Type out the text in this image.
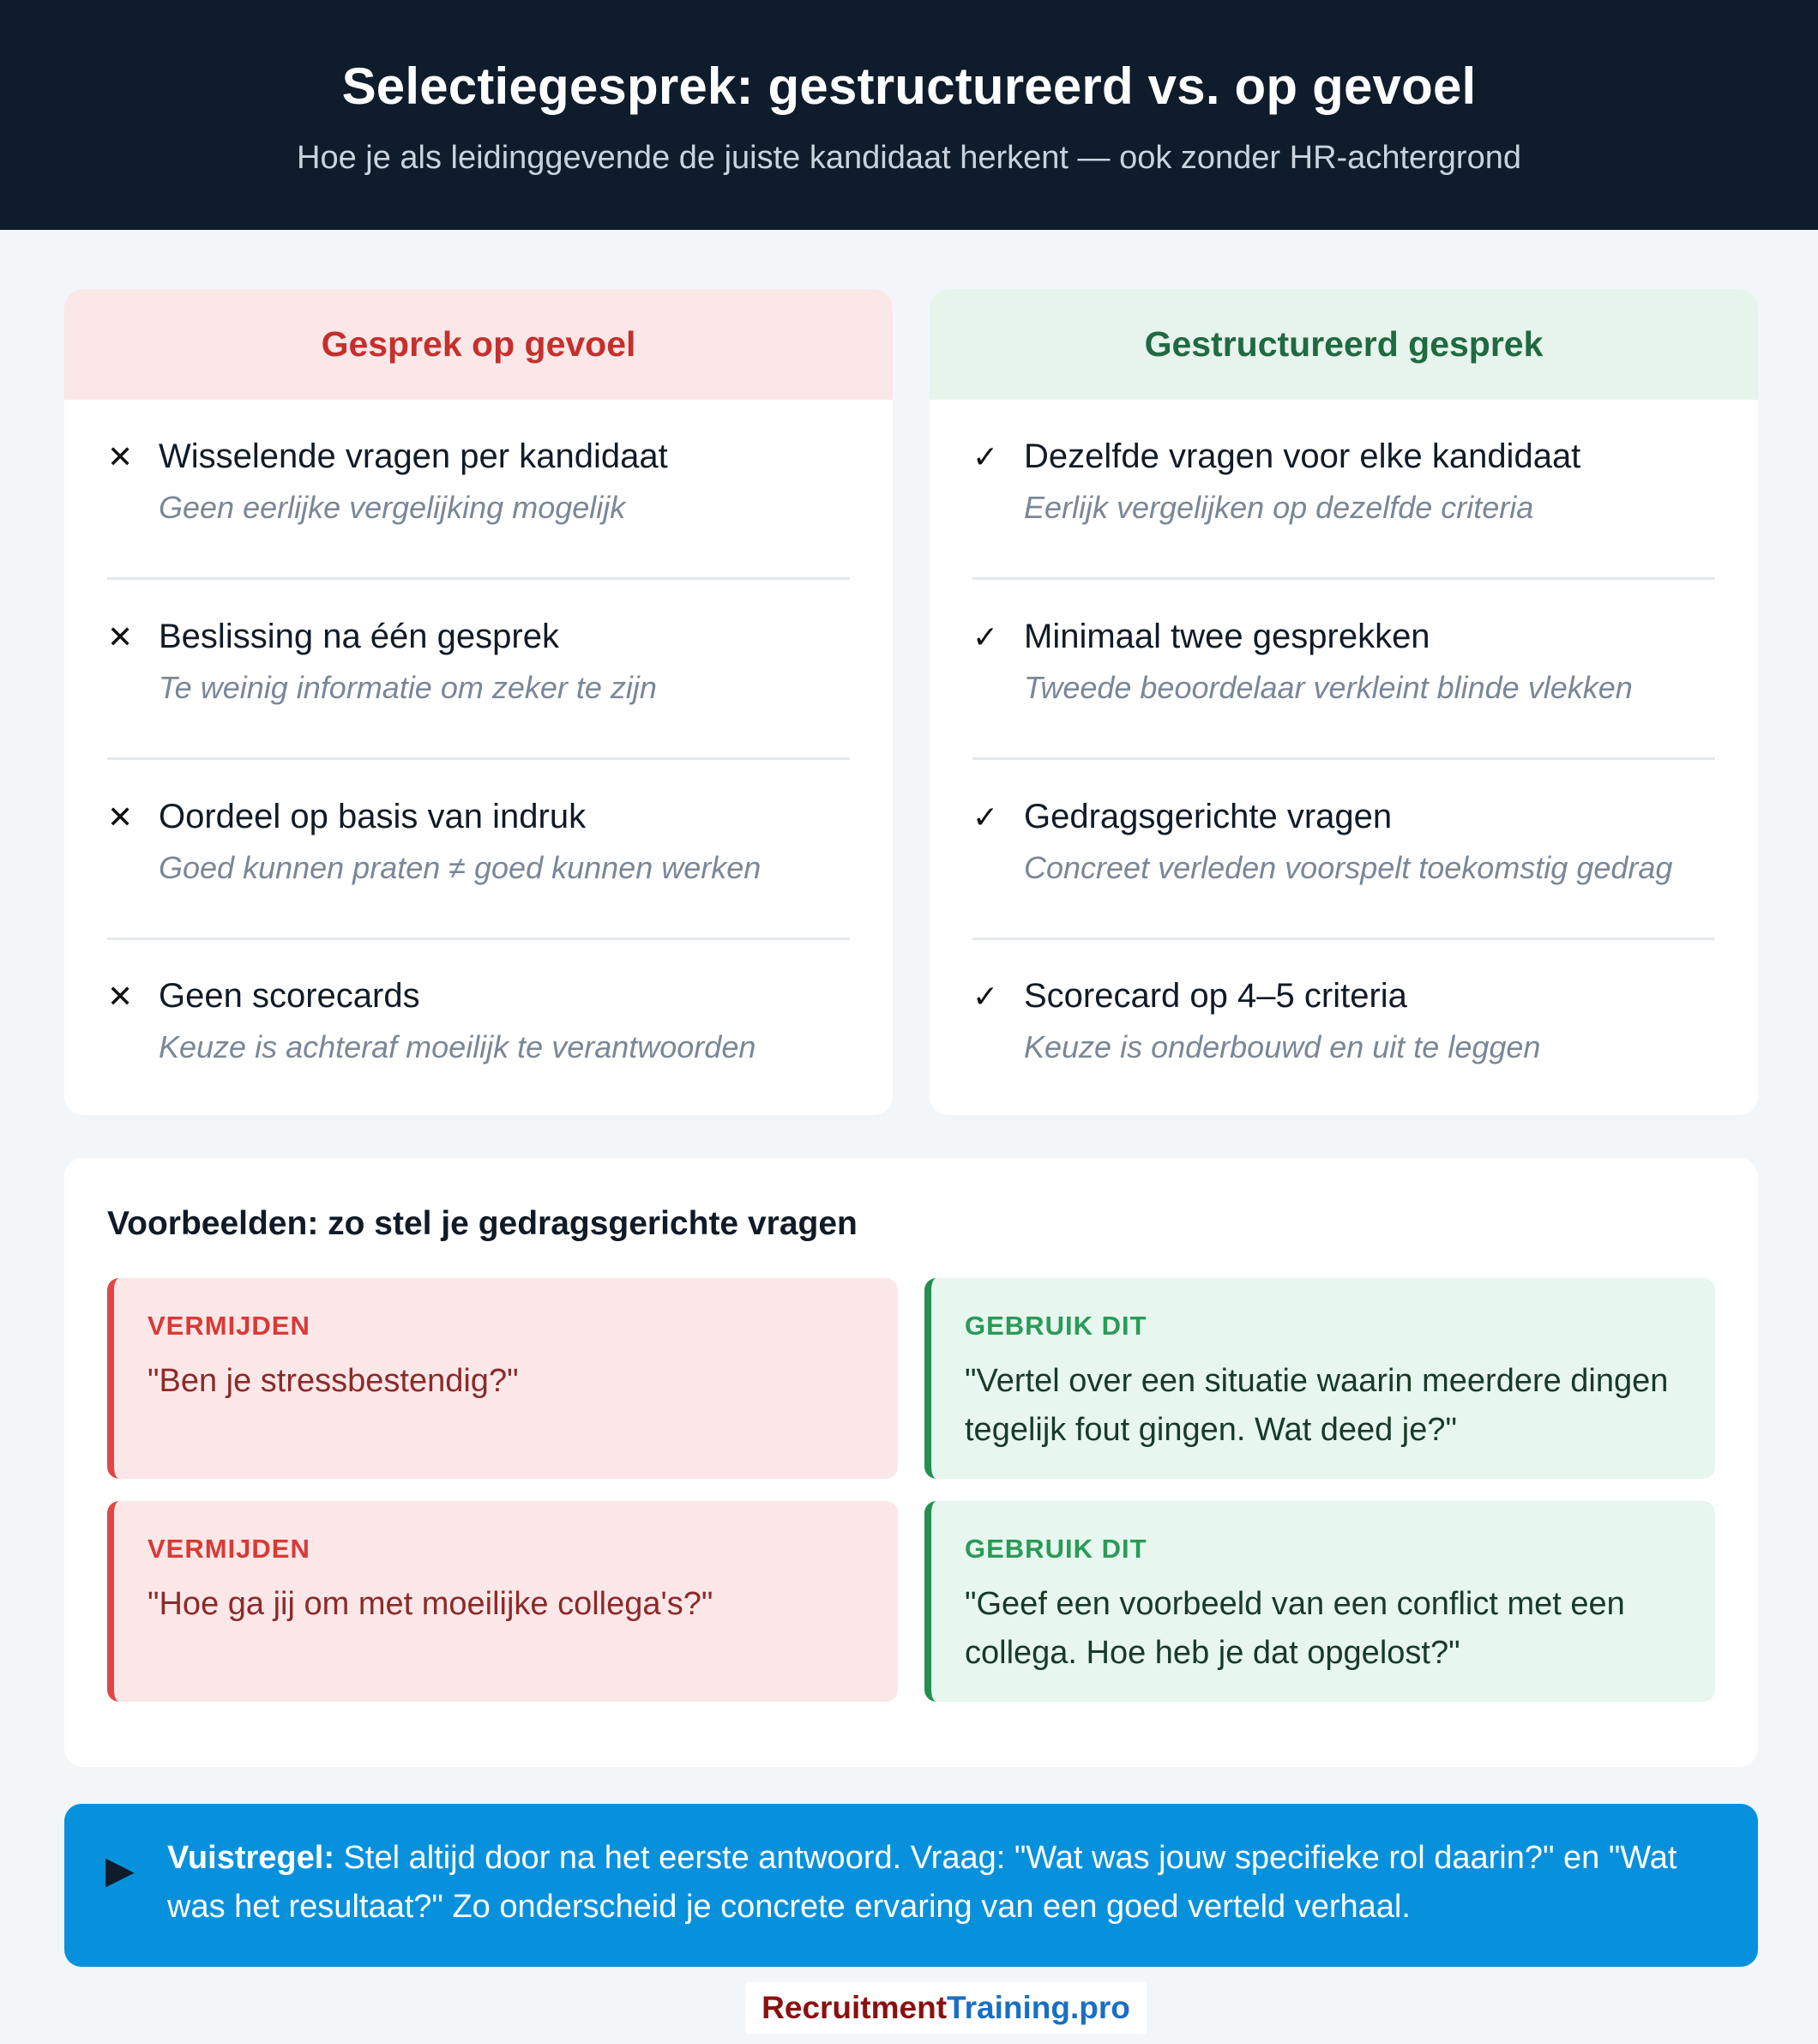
Selectiegesprek: gestructureerd vs. op gevoel

Hoe je als leidinggevende de juiste kandidaat herkent — ook zonder HR-achtergrond

Gesprek op gevoel
✕ Wisselende vragen per kandidaat
Geen eerlijke vergelijking mogelijk
✕ Beslissing na één gesprek
Te weinig informatie om zeker te zijn
✕ Oordeel op basis van indruk
Goed kunnen praten ≠ goed kunnen werken
✕ Geen scorecards
Keuze is achteraf moeilijk te verantwoorden
Gestructureerd gesprek
✓ Dezelfde vragen voor elke kandidaat
Eerlijk vergelijken op dezelfde criteria
✓ Minimaal twee gesprekken
Tweede beoordelaar verkleint blinde vlekken
✓ Gedragsgerichte vragen
Concreet verleden voorspelt toekomstig gedrag
✓ Scorecard op 4–5 criteria
Keuze is onderbouwd en uit te leggen
Voorbeelden: zo stel je gedragsgerichte vragen
VERMIJDEN
"Ben je stressbestendig?"
GEBRUIK DIT
"Vertel over een situatie waarin meerdere dingen tegelijk fout gingen. Wat deed je?"
VERMIJDEN
"Hoe ga jij om met moeilijke collega's?"
GEBRUIK DIT
"Geef een voorbeeld van een conflict met een collega. Hoe heb je dat opgelost?"
▶ Vuistregel: Stel altijd door na het eerste antwoord. Vraag: "Wat was jouw specifieke rol daarin?" en "Wat was het resultaat?" Zo onderscheid je concrete ervaring van een goed verteld verhaal.
Recruitment Training.pro
